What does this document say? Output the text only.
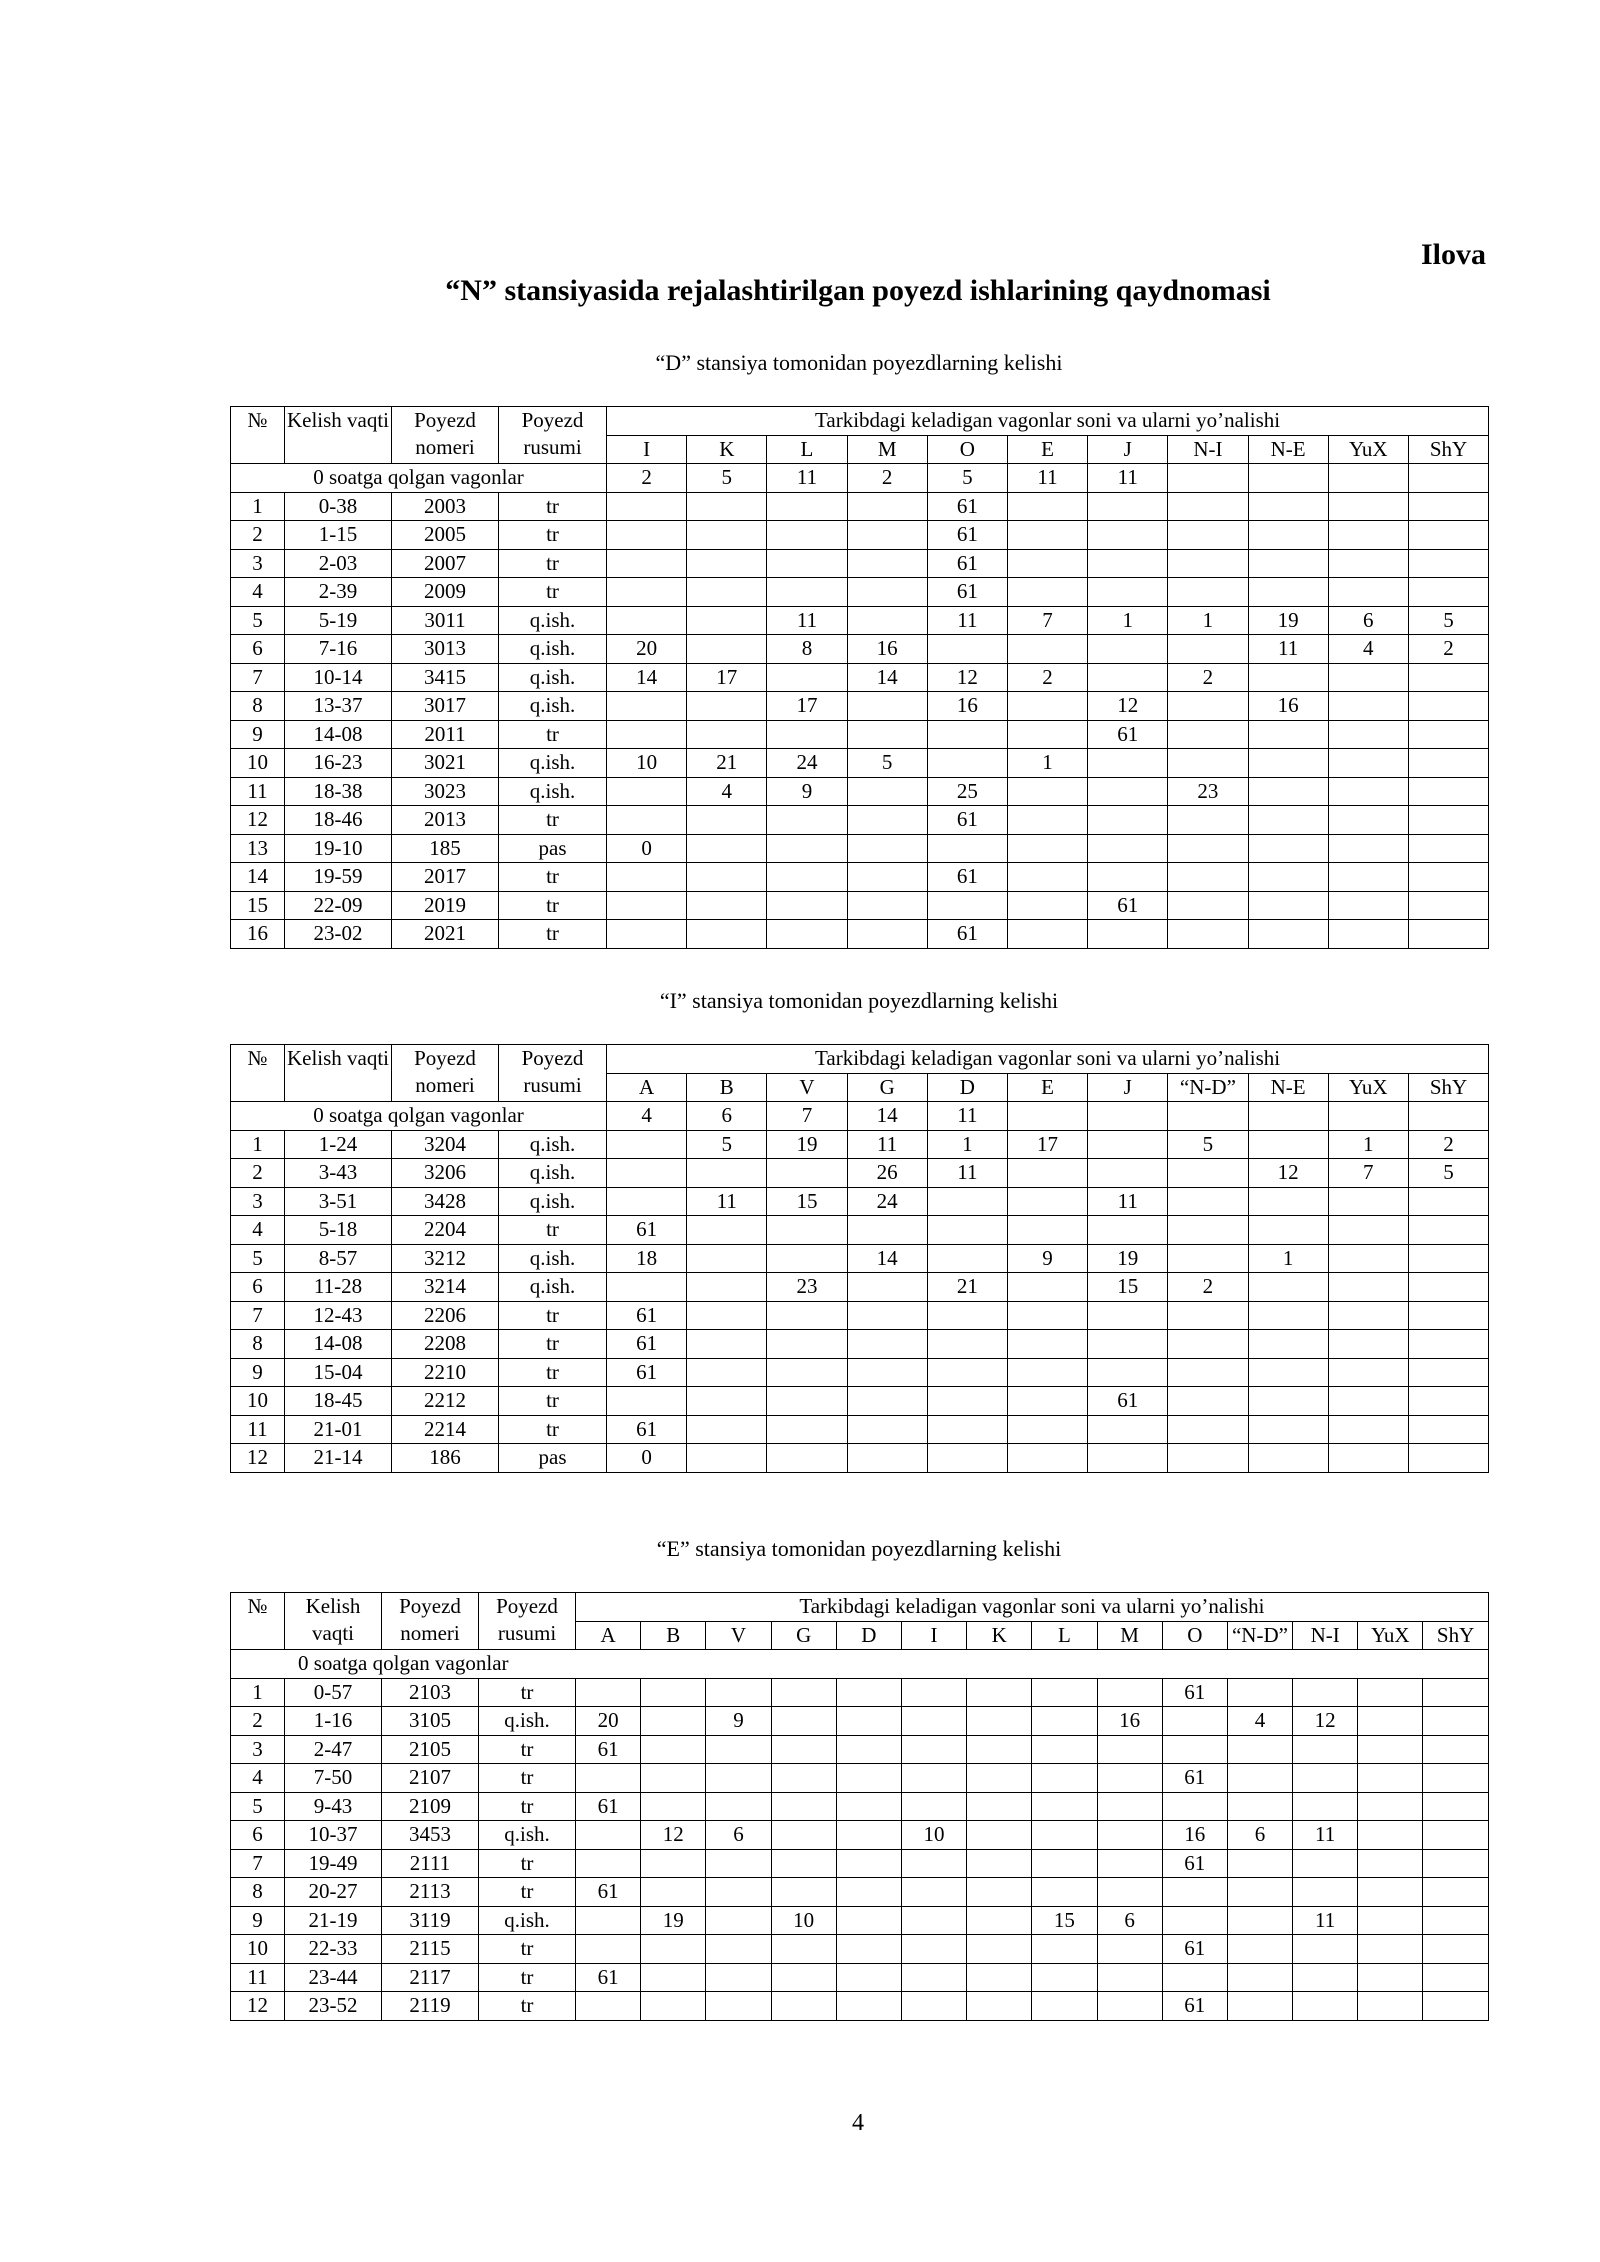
Ilova
“N” stansiyasida rejalashtirilgan poyezd ishlarining qaydnomasi
“D” stansiya tomonidan poyezdlarning kelishi
№	Kelish vaqti	Poyezd nomeri	Poyezd rusumi	Tarkibdagi keladigan vagonlar soni va ularni yo’nalishi										
				I	K	L	M	O	E	J	N-I	N-E	YuX	ShY
0 soatga qolgan vagonlar				2	5	11	2	5	11	11				
1	0-38	2003	tr					61						
2	1-15	2005	tr					61						
3	2-03	2007	tr					61						
4	2-39	2009	tr					61						
5	5-19	3011	q.ish.			11		11	7	1	1	19	6	5
6	7-16	3013	q.ish.	20		8	16					11	4	2
7	10-14	3415	q.ish.	14	17		14	12	2		2			
8	13-37	3017	q.ish.			17		16		12		16		
9	14-08	2011	tr							61				
10	16-23	3021	q.ish.	10	21	24	5		1					
11	18-38	3023	q.ish.		4	9		25			23			
12	18-46	2013	tr					61						
13	19-10	185	pas	0										
14	19-59	2017	tr					61						
15	22-09	2019	tr							61				
16	23-02	2021	tr					61						
“I” stansiya tomonidan poyezdlarning kelishi
№	Kelish vaqti	Poyezd nomeri	Poyezd rusumi	Tarkibdagi keladigan vagonlar soni va ularni yo’nalishi										
				A	B	V	G	D	E	J	“N-D”	N-E	YuX	ShY
0 soatga qolgan vagonlar				4	6	7	14	11						
1	1-24	3204	q.ish.		5	19	11	1	17		5		1	2
2	3-43	3206	q.ish.				26	11				12	7	5
3	3-51	3428	q.ish.		11	15	24			11				
4	5-18	2204	tr	61										
5	8-57	3212	q.ish.	18			14		9	19		1		
6	11-28	3214	q.ish.			23		21		15	2			
7	12-43	2206	tr	61										
8	14-08	2208	tr	61										
9	15-04	2210	tr	61										
10	18-45	2212	tr							61				
11	21-01	2214	tr	61										
12	21-14	186	pas	0										
“E” stansiya tomonidan poyezdlarning kelishi
№	Kelish vaqti	Poyezd nomeri	Poyezd rusumi	Tarkibdagi keladigan vagonlar soni va ularni yo’nalishi													
				A	B	V	G	D	I	K	L	M	O	“N-D”	N-I	YuX	ShY
0 soatga qolgan vagonlar																	
1	0-57	2103	tr										61				
2	1-16	3105	q.ish.	20		9						16		4	12		
3	2-47	2105	tr	61													
4	7-50	2107	tr										61				
5	9-43	2109	tr	61													
6	10-37	3453	q.ish.		12	6			10				16	6	11		
7	19-49	2111	tr										61				
8	20-27	2113	tr	61													
9	21-19	3119	q.ish.		19		10				15	6			11		
10	22-33	2115	tr										61				
11	23-44	2117	tr	61													
12	23-52	2119	tr										61				
4
